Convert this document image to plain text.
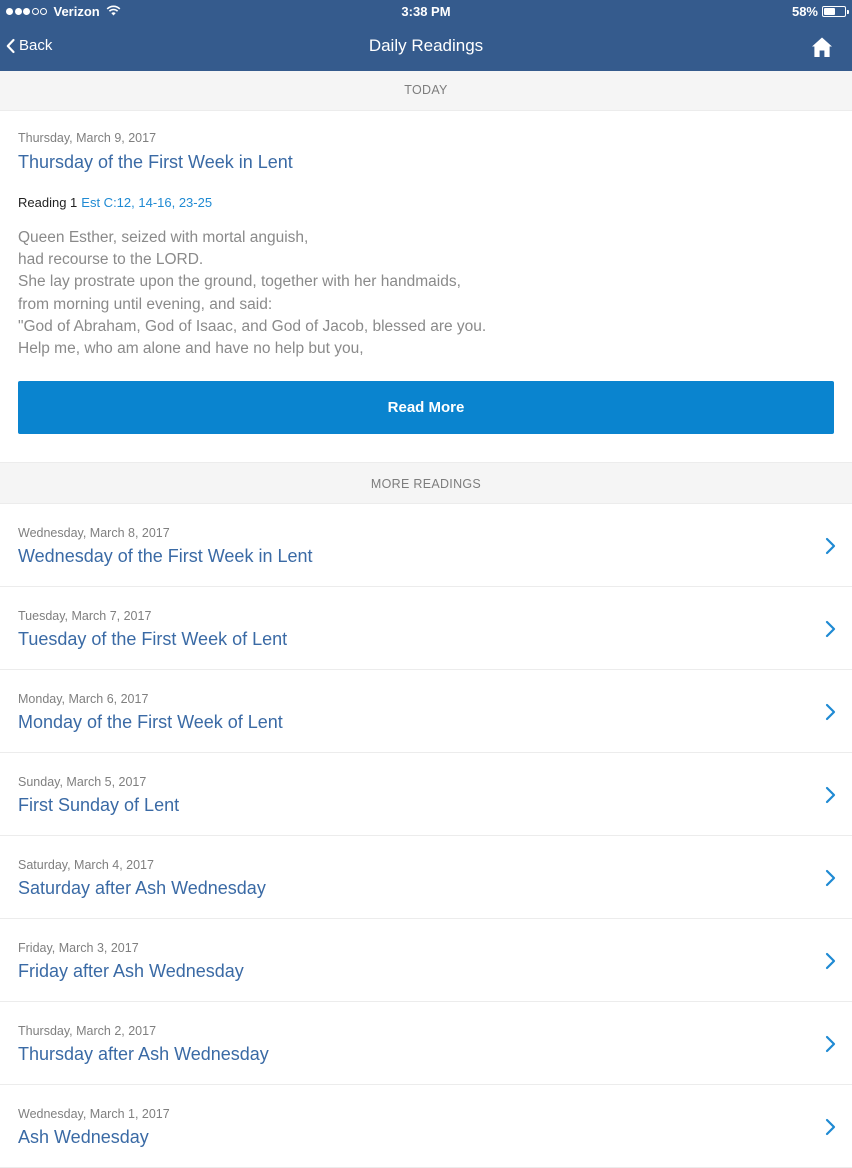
Verizon	3:38 PM	58%
Back	Daily Readings
TODAY
Thursday, March 9, 2017
Thursday of the First Week in Lent
Reading 1 Est C:12, 14-16, 23-25
Queen Esther, seized with mortal anguish,
had recourse to the LORD.
She lay prostrate upon the ground, together with her handmaids,
from morning until evening, and said:
"God of Abraham, God of Isaac, and God of Jacob, blessed are you.
Help me, who am alone and have no help but you,
Read More
MORE READINGS
Wednesday, March 8, 2017
Wednesday of the First Week in Lent
Tuesday, March 7, 2017
Tuesday of the First Week of Lent
Monday, March 6, 2017
Monday of the First Week of Lent
Sunday, March 5, 2017
First Sunday of Lent
Saturday, March 4, 2017
Saturday after Ash Wednesday
Friday, March 3, 2017
Friday after Ash Wednesday
Thursday, March 2, 2017
Thursday after Ash Wednesday
Wednesday, March 1, 2017
Ash Wednesday
